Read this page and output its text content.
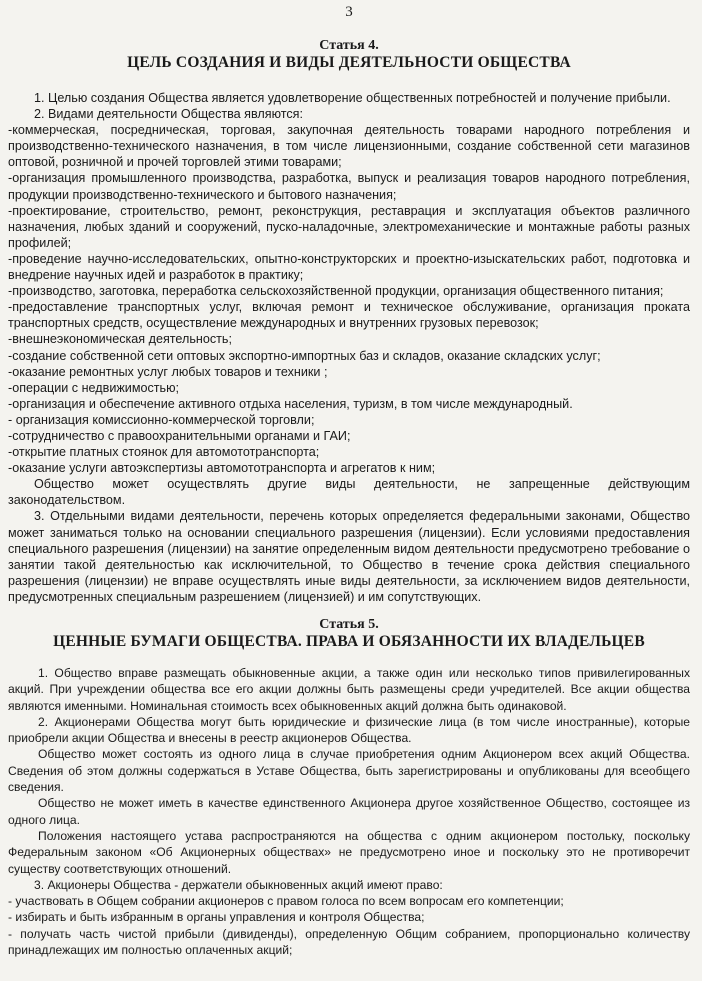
3
Статья 4.
ЦЕЛЬ СОЗДАНИЯ И ВИДЫ ДЕЯТЕЛЬНОСТИ ОБЩЕСТВА

1. Целью создания Общества является удовлетворение общественных потребностей и получение прибыли.

2. Видами деятельности Общества являются:

-коммерческая, посредническая, торговая, закупочная деятельность товарами народного потребления и производственно-технического назначения, в том числе лицензионными, создание собственной сети магазинов оптовой, розничной и прочей торговлей этими товарами;

-организация промышленного производства, разработка, выпуск и реализация товаров народного потребления, продукции производственно-технического и бытового назначения;

-проектирование, строительство, ремонт, реконструкция, реставрация и эксплуатация объектов различного назначения, любых зданий и сооружений, пуско-наладочные, электромеханические и монтажные работы разных профилей;

-проведение научно-исследовательских, опытно-конструкторских и проектно-изыскательских работ, подготовка и внедрение научных идей и разработок в практику;

-производство, заготовка, переработка сельскохозяйственной продукции, организация общественного питания;

-предоставление транспортных услуг, включая ремонт и техническое обслуживание, организация проката транспортных средств, осуществление международных и внутренних грузовых перевозок;

-внешнеэкономическая деятельность;

-создание собственной сети оптовых экспортно-импортных баз и складов, оказание складских услуг;

-оказание ремонтных услуг любых товаров и техники ;

-операции с недвижимостью;

-организация и обеспечение активного отдыха населения, туризм, в том числе международный.

- организация комиссионно-коммерческой торговли;

-сотрудничество с правоохранительными органами и ГАИ;

-открытие платных стоянок для автомототранспорта;

-оказание услуги автоэкспертизы автомототранспорта и агрегатов к ним;

Общество может осуществлять другие виды деятельности, не запрещенные действующим законодательством.

3. Отдельными видами деятельности, перечень которых определяется федеральными законами, Общество может заниматься только на основании специального разрешения (лицензии). Если условиями предоставления специального разрешения (лицензии) на занятие определенным видом деятельности предусмотрено требование о занятии такой деятельностью как исключительной, то Общество в течение срока действия специального разрешения (лицензии) не вправе осуществлять иные виды деятельности, за исключением видов деятельности, предусмотренных специальным разрешением (лицензией) и им сопутствующих.

Статья 5.
ЦЕННЫЕ БУМАГИ ОБЩЕСТВА. ПРАВА И ОБЯЗАННОСТИ ИХ ВЛАДЕЛЬЦЕВ

1. Общество вправе размещать обыкновенные акции, а также один или несколько типов привилегированных акций. При учреждении общества все его акции должны быть размещены среди учредителей. Все акции общества являются именными. Номинальная стоимость всех обыкновенных акций должна быть одинаковой.

2. Акционерами Общества могут быть юридические и физические лица (в том числе иностранные), которые приобрели акции Общества и внесены в реестр акционеров Общества.

Общество может состоять из одного лица в случае приобретения одним Акционером всех акций Общества. Сведения об этом должны содержаться в Уставе Общества, быть зарегистрированы и опубликованы для всеобщего сведения.

Общество не может иметь в качестве единственного Акционера другое хозяйственное Общество, состоящее из одного лица.

Положения настоящего устава распространяются на общества с одним акционером постольку, поскольку Федеральным законом «Об Акционерных обществах» не предусмотрено иное и поскольку это не противоречит существу соответствующих отношений.

3. Акционеры Общества - держатели обыкновенных акций имеют право:

- участвовать в Общем собрании акционеров с правом голоса по всем вопросам его компетенции;

- избирать и быть избранным в органы управления и контроля Общества;

- получать часть чистой прибыли (дивиденды), определенную Общим собранием, пропорционально количеству принадлежащих им полностью оплаченных акций;
